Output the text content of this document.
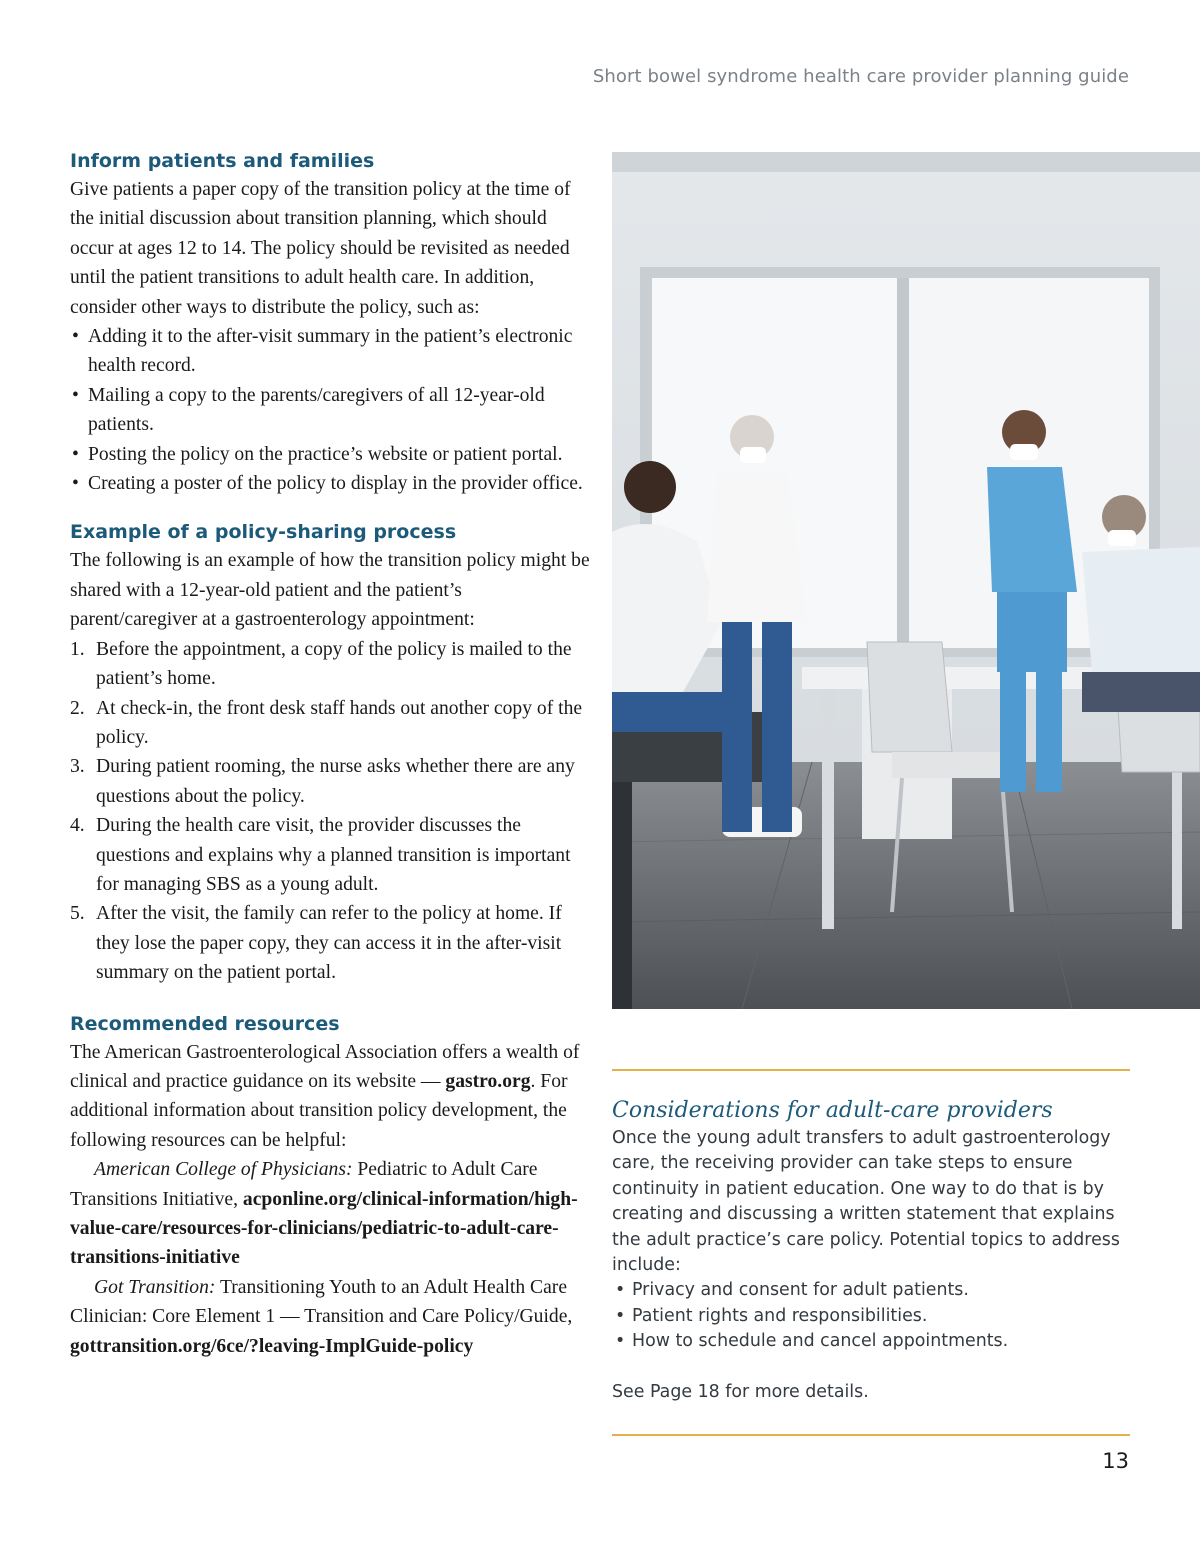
Short bowel syndrome health care provider planning guide
Inform patients and families

Give patients a paper copy of the transition policy at the time of the initial discussion about transition planning, which should occur at ages 12 to 14. The policy should be revisited as needed until the patient transitions to adult health care. In addition, consider other ways to distribute the policy, such as:

• Adding it to the after-visit summary in the patient’s electronic health record.
• Mailing a copy to the parents/caregivers of all 12-year-old patients.
• Posting the policy on the practice’s website or patient portal.
• Creating a poster of the policy to display in the provider office.
Example of a policy-sharing process

The following is an example of how the transition policy might be shared with a 12-year-old patient and the patient’s parent/caregiver at a gastroenterology appointment:

1. Before the appointment, a copy of the policy is mailed to the patient’s home.
2. At check-in, the front desk staff hands out another copy of the policy.
3. During patient rooming, the nurse asks whether there are any questions about the policy.
4. During the health care visit, the provider discusses the questions and explains why a planned transition is important for managing SBS as a young adult.
5. After the visit, the family can refer to the policy at home. If they lose the paper copy, they can access it in the after-visit summary on the patient portal.
Recommended resources

The American Gastroenterological Association offers a wealth of clinical and practice guidance on its website — gastro.org. For additional information about transition policy development, the following resources can be helpful:

American College of Physicians: Pediatric to Adult Care Transitions Initiative, acponline.org/clinical-information/high-value-care/resources-for-clinicians/pediatric-to-adult-care-transitions-initiative

Got Transition: Transitioning Youth to an Adult Health Care Clinician: Core Element 1 — Transition and Care Policy/Guide, gottransition.org/6ce/?leaving-ImplGuide-policy

Considerations for adult-care providers

Once the young adult transfers to adult gastroenterology care, the receiving provider can take steps to ensure continuity in patient education. One way to do that is by creating and discussing a written statement that explains the adult practice’s care policy. Potential topics to address include:

• Privacy and consent for adult patients.
• Patient rights and responsibilities.
• How to schedule and cancel appointments.

See Page 18 for more details.

13
